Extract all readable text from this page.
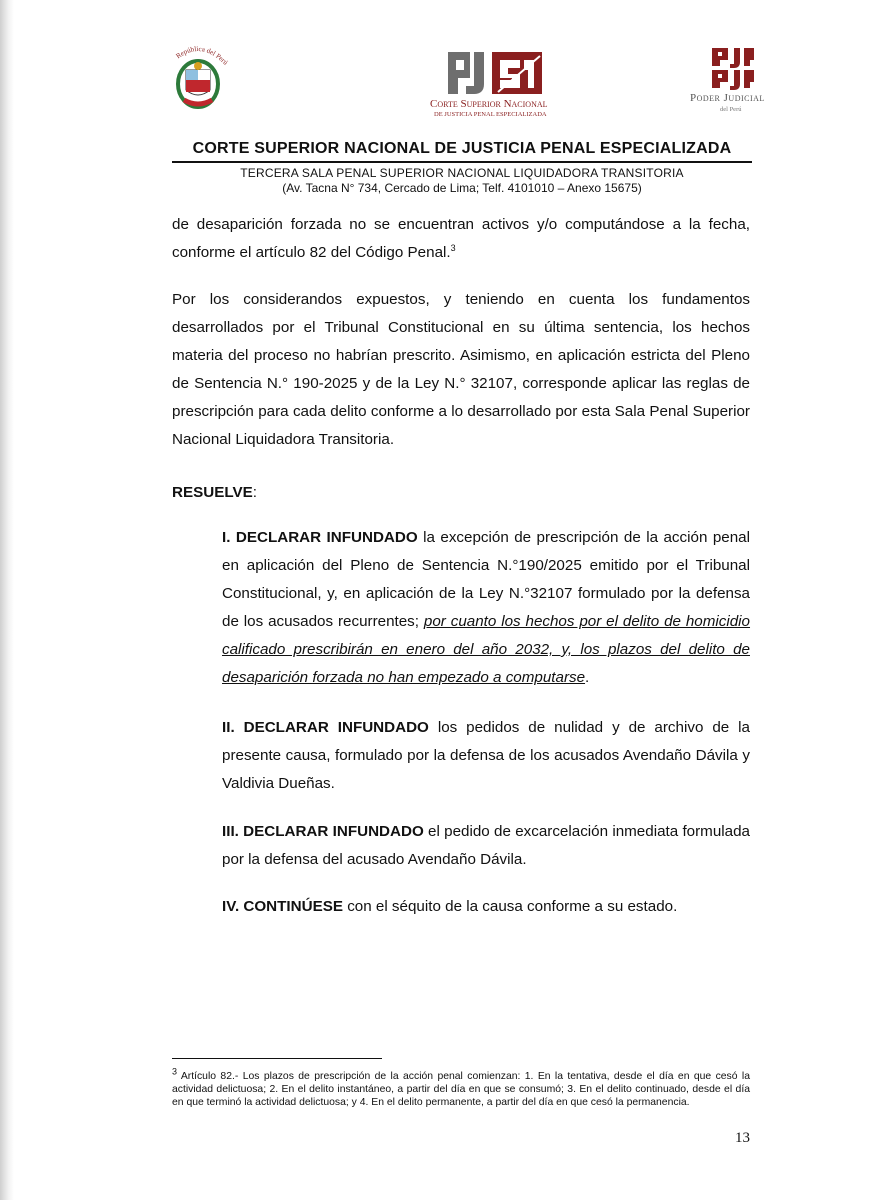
República del Perú
Corte Superior Nacional
DE JUSTICIA PENAL ESPECIALIZADA
Poder Judicial
del Perú
CORTE SUPERIOR NACIONAL DE JUSTICIA PENAL ESPECIALIZADA
TERCERA SALA PENAL SUPERIOR NACIONAL LIQUIDADORA TRANSITORIA
(Av. Tacna N° 734, Cercado de Lima; Telf. 4101010 – Anexo 15675)

de desaparición forzada no se encuentran activos y/o computándose a la fecha, conforme el artículo 82 del Código Penal.$^3$

Por los considerandos expuestos, y teniendo en cuenta los fundamentos desarrollados por el Tribunal Constitucional en su última sentencia, los hechos materia del proceso no habrían prescrito. Asimismo, en aplicación estricta del Pleno de Sentencia N.° 190-2025 y de la Ley N.° 32107, corresponde aplicar las reglas de prescripción para cada delito conforme a lo desarrollado por esta Sala Penal Superior Nacional Liquidadora Transitoria.

RESUELVE:

I. DECLARAR INFUNDADO la excepción de prescripción de la acción penal en aplicación del Pleno de Sentencia N.°190/2025 emitido por el Tribunal Constitucional, y, en aplicación de la Ley N.°32107 formulado por la defensa de los acusados recurrentes; por cuanto los hechos por el delito de homicidio calificado prescribirán en enero del año 2032, y, los plazos del delito de desaparición forzada no han empezado a computarse.

II. DECLARAR INFUNDADO los pedidos de nulidad y de archivo de la presente causa, formulado por la defensa de los acusados Avendaño Dávila y Valdivia Dueñas.

III. DECLARAR INFUNDADO el pedido de excarcelación inmediata formulada por la defensa del acusado Avendaño Dávila.

IV. CONTINÚESE con el séquito de la causa conforme a su estado.

$^3$ Artículo 82.- Los plazos de prescripción de la acción penal comienzan: 1. En la tentativa, desde el día en que cesó la actividad delictuosa; 2. En el delito instantáneo, a partir del día en que se consumó; 3. En el delito continuado, desde el día en que terminó la actividad delictuosa; y 4. En el delito permanente, a partir del día en que cesó la permanencia.
13
